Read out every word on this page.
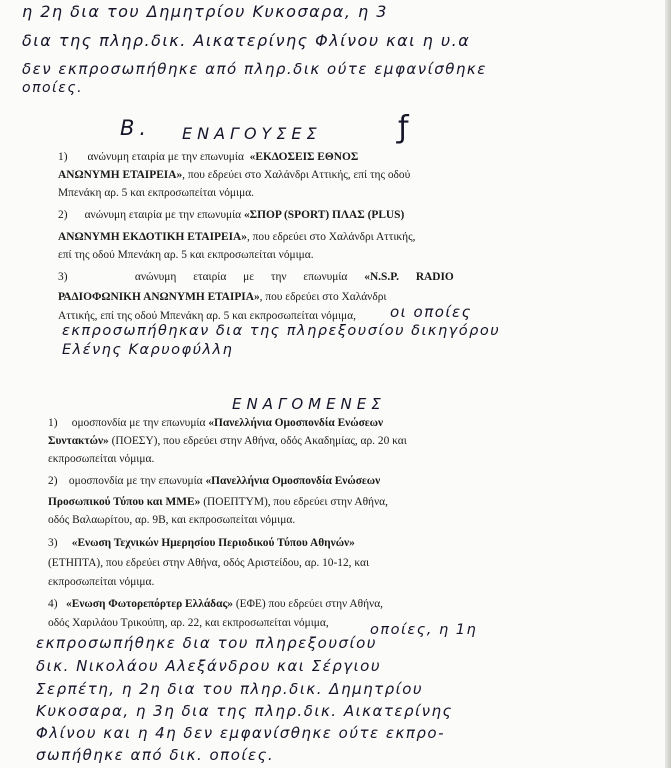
η 2η δια του Δημητρίου Κυκοσαρα, η 3
δια της πληρ.δικ. Αικατερίνης Φλίνου και η υ.α
δεν εκπροσωπήθηκε από πληρ.δικ ούτε εμφανίσθηκε
οποίες.
Β. ΕΝΑΓΟΥΣΕΣ	ƒ
1) ανώνυμη εταιρία με την επωνυμία «ΕΚΔΟΣΕΙΣ ΕΘΝΟΣ
ΑΝΩΝΥΜΗ ΕΤΑΙΡΕΙΑ», που εδρεύει στο Χαλάνδρι Αττικής, επί της οδού
Μπενάκη αρ. 5 και εκπροσωπείται νόμιμα.
2) ανώνυμη εταιρία με την επωνυμία «ΣΠΟΡ (SPORT) ΠΛΑΣ (PLUS)
ΑΝΩΝΥΜΗ ΕΚΔΟΤΙΚΗ ΕΤΑΙΡΕΙΑ», που εδρεύει στο Χαλάνδρι Αττικής,
επί της οδού Μπενάκη αρ. 5 και εκπροσωπείται νόμιμα.
3)	ανώνυμη εταιρία με την επωνυμία «N.S.P. RADIO
ΡΑΔΙΟΦΩΝΙΚΗ ΑΝΩΝΥΜΗ ΕΤΑΙΡΙΑ», που εδρεύει στο Χαλάνδρι
Αττικής, επί της οδού Μπενάκη αρ. 5 και εκπροσωπείται νόμιμα, οι οποίες
εκπροσωπήθηκαν δια της πληρεξουσίου δικηγόρου
Ελένης Καρυοφύλλη
ΕΝΑΓΟΜΕΝΕΣ
1) ομοσπονδία με την επωνυμία «Πανελλήνια Ομοσπονδία Ενώσεων
Συντακτών» (ΠΟΕΣΥ), που εδρεύει στην Αθήνα, οδός Ακαδημίας, αρ. 20 και
εκπροσωπείται νόμιμα.
2) ομοσπονδία με την επωνυμία «Πανελλήνια Ομοσπονδία Ενώσεων
Προσωπικού Τύπου και ΜΜΕ» (ΠΟΕΠΤΥΜ), που εδρεύει στην Αθήνα,
οδός Βαλαωρίτου, αρ. 9Β, και εκπροσωπείται νόμιμα.
3) «Ενωση Τεχνικών Ημερησίου Περιοδικού Τύπου Αθηνών»
(ΕΤΗΠΤΑ), που εδρεύει στην Αθήνα, οδός Αριστείδου, αρ. 10-12, και
εκπροσωπείται νόμιμα.
4) «Ενωση Φωτορεπόρτερ Ελλάδας» (ΕΦΕ) που εδρεύει στην Αθήνα,
οδός Χαριλάου Τρικούπη, αρ. 22, και εκπροσωπείται νόμιμα,	οποίες, η 1η
εκπροσωπήθηκε δια του πληρεξουσίου
δικ. Νικολάου Αλεξάνδρου και Σέργιου
Σερπέτη, η 2η δια του πληρ.δικ. Δημητρίου
Κυκοσαρα, η 3η δια της πληρ.δικ. Αικατερίνης
Φλίνου και η 4η δεν εμφανίσθηκε ούτε εκπρο-
σωπήθηκε από δικ. οποίες.
